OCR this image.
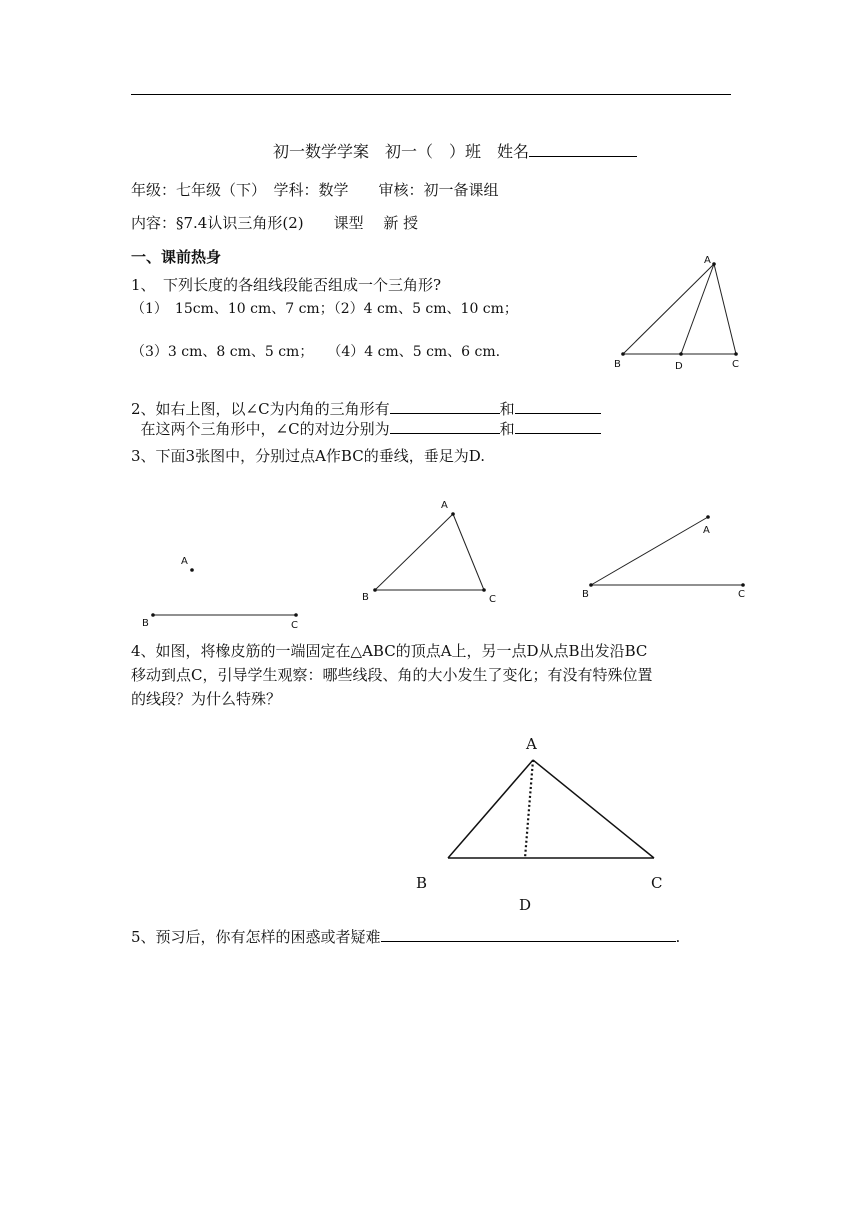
初一数学学案　初一（　）班　姓名
年级：七年级（下）　学科：数学　　审核：初一备课组
内容：§7.4认识三角形(2)　　课型　 新 授
一、课前热身
1、　下列长度的各组线段能否组成一个三角形?
（1）　15cm、10 cm、7 cm；（2）4 cm、5 cm、10 cm；
（3）3 cm、8 cm、5 cm；　　（4）4 cm、5 cm、6 cm.
A
B	D	C
2、如右上图，以∠C为内角的三角形有	和
在这两个三角形中，∠C的对边分别为	和
3、下面3张图中，分别过点A作BC的垂线，垂足为D.
A
B	C
A
B	C
A
B	C
4、如图，将橡皮筋的一端固定在△ABC的顶点A上，另一点D从点B出发沿BC
移动到点C，引导学生观察：哪些线段、角的大小发生了变化；有没有特殊位置
的线段？为什么特殊？
A
B	C
D
5、预习后，你有怎样的困惑或者疑难	.
